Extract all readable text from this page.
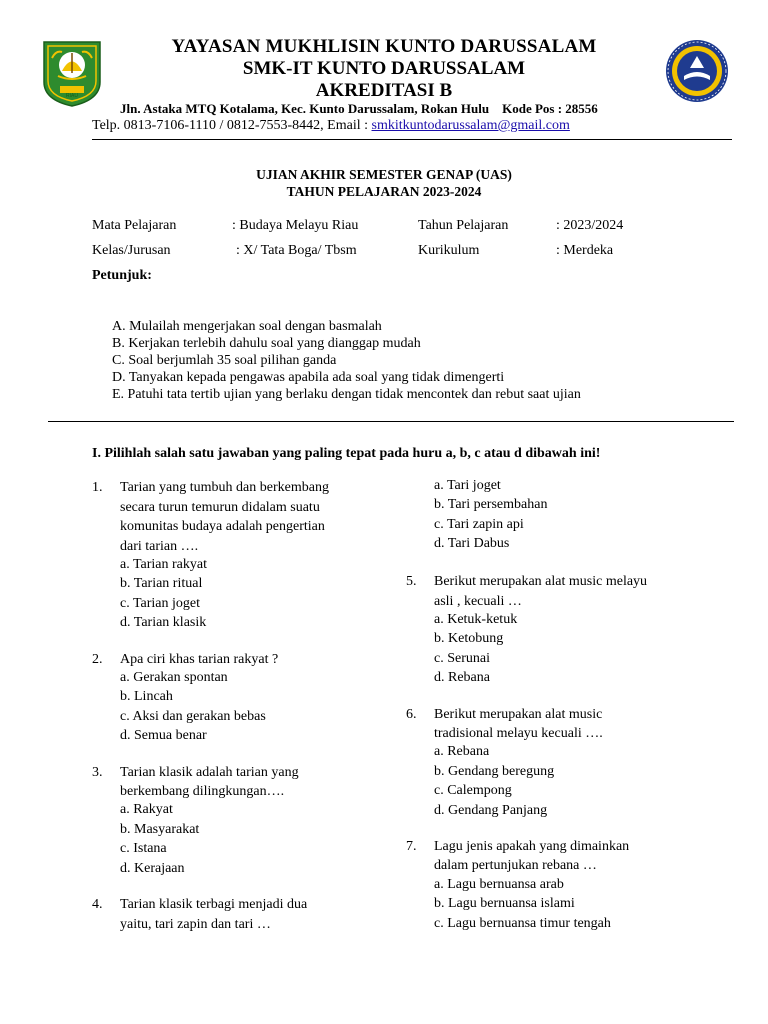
RIAU
YAYASAN MUKHLISIN KUNTO DARUSSALAM
SMK-IT KUNTO DARUSSALAM
AKREDITASI B
Jln. Astaka MTQ Kotalama, Kec. Kunto Darussalam, Rokan Hulu    Kode Pos : 28556
Telp. 0813-7106-1110 / 0812-7553-8442, Email : smkitkuntodarussalam@gmail.com
UJIAN AKHIR SEMESTER GENAP (UAS)
TAHUN PELAJARAN 2023-2024
Mata Pelajaran	: Budaya Melayu Riau	Tahun Pelajaran	: 2023/2024
Kelas/Jurusan	: X/ Tata Boga/ Tbsm	Kurikulum	: Merdeka
Petunjuk:
A. Mulailah mengerjakan soal dengan basmalah
B. Kerjakan terlebih dahulu soal yang dianggap mudah
C. Soal berjumlah 35 soal pilihan ganda
D. Tanyakan kepada pengawas apabila ada soal yang tidak dimengerti
E. Patuhi tata tertib ujian yang berlaku dengan tidak mencontek dan rebut saat ujian
I. Pilihlah salah satu jawaban yang paling tepat pada huru a, b, c atau d dibawah ini!
1. Tarian yang tumbuh dan berkembang
secara turun temurun didalam suatu
komunitas budaya adalah pengertian
dari tarian ….
a. Tarian rakyat
b. Tarian ritual
c. Tarian joget
d. Tarian klasik
2. Apa ciri khas tarian rakyat ?
a. Gerakan spontan
b. Lincah
c. Aksi dan gerakan bebas
d. Semua benar
3. Tarian klasik adalah tarian yang
berkembang dilingkungan….
a. Rakyat
b. Masyarakat
c. Istana
d. Kerajaan
4. Tarian klasik terbagi menjadi dua
yaitu, tari zapin dan tari …
a. Tari joget
b. Tari persembahan
c. Tari zapin api
d. Tari Dabus
5. Berikut merupakan alat music melayu
asli , kecuali …
a. Ketuk-ketuk
b. Ketobung
c. Serunai
d. Rebana
6. Berikut merupakan alat music
tradisional melayu kecuali ….
a. Rebana
b. Gendang beregung
c. Calempong
d. Gendang Panjang
7. Lagu jenis apakah yang dimainkan
dalam pertunjukan rebana …
a. Lagu bernuansa arab
b. Lagu bernuansa islami
c. Lagu bernuansa timur tengah
